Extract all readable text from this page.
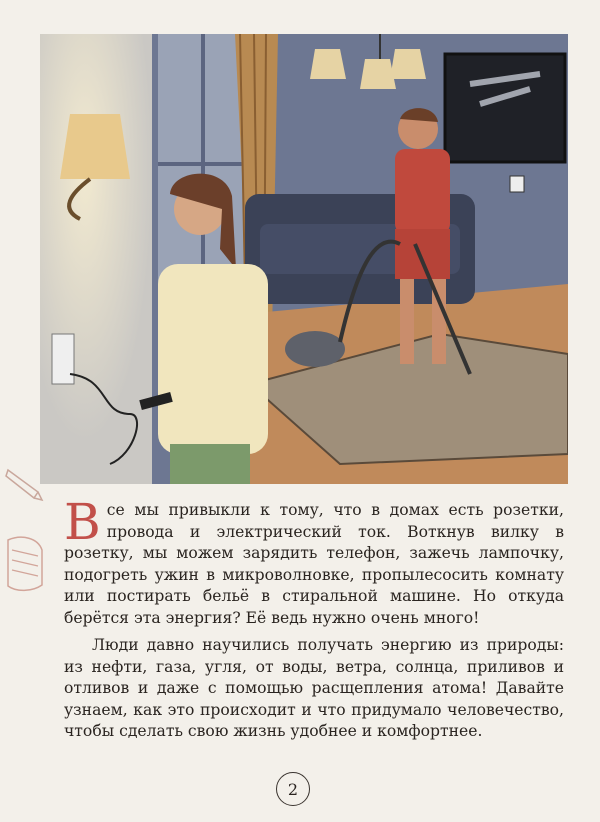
Все мы привыкли к тому, что в домах есть розетки, провода и электрический ток. Воткнув вилку в розетку, мы можем зарядить телефон, зажечь лампочку, подогреть ужин в микроволновке, пропылесосить комнату или постирать бельё в стиральной машине. Но откуда берётся эта энергия? Её ведь нужно очень много!

Люди давно научились получать энергию из природы: из нефти, газа, угля, от воды, ветра, солнца, приливов и отливов и даже с помощью расщепления атома! Давайте узнаем, как это происходит и что придумало человечество, чтобы сделать свою жизнь удобнее и комфортнее.

2
